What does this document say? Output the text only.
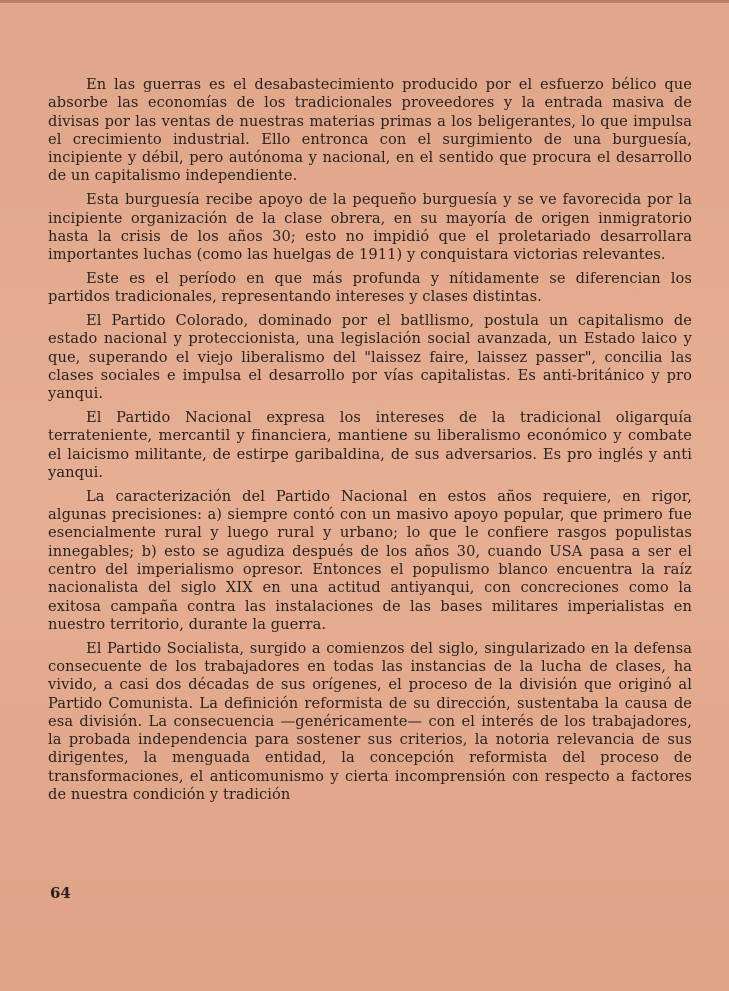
En las guerras es el desabastecimiento producido por el esfuerzo bélico que absorbe las economías de los tradicionales proveedores y la entrada masiva de divisas por las ventas de nuestras materias primas a los beligerantes, lo que impulsa el crecimiento industrial. Ello entronca con el surgimiento de una burguesía, incipiente y débil, pero autónoma y nacional, en el sentido que procura el desarrollo de un capitalismo independiente.

Esta burguesía recibe apoyo de la pequeño burguesía y se ve favorecida por la incipiente organización de la clase obrera, en su mayoría de origen inmigratorio hasta la crisis de los años 30; esto no impidió que el proletariado desarrollara importantes luchas (como las huelgas de 1911) y conquistara victorias relevantes.

Este es el período en que más profunda y nítidamente se diferencian los partidos tradicionales, representando intereses y clases distintas.

El Partido Colorado, dominado por el batllismo, postula un capitalismo de estado nacional y proteccionista, una legislación social avanzada, un Estado laico y que, superando el viejo liberalismo del "laissez faire, laissez passer", concilia las clases sociales e impulsa el desarrollo por vías capitalistas. Es anti-británico y pro yanqui.

El Partido Nacional expresa los intereses de la tradicional oligarquía terrateniente, mercantil y financiera, mantiene su liberalismo económico y combate el laicismo militante, de estirpe garibaldina, de sus adversarios. Es pro inglés y anti yanqui.

La caracterización del Partido Nacional en estos años requiere, en rigor, algunas precisiones: a) siempre contó con un masivo apoyo popular, que primero fue esencialmente rural y luego rural y urbano; lo que le confiere rasgos populistas innegables; b) esto se agudiza después de los años 30, cuando USA pasa a ser el centro del imperialismo opresor. Entonces el populismo blanco encuentra la raíz nacionalista del siglo XIX en una actitud antiyanqui, con concreciones como la exitosa campaña contra las instalaciones de las bases militares imperialistas en nuestro territorio, durante la guerra.

El Partido Socialista, surgido a comienzos del siglo, singularizado en la defensa consecuente de los trabajadores en todas las instancias de la lucha de clases, ha vivido, a casi dos décadas de sus orígenes, el proceso de la división que originó al Partido Comunista. La definición reformista de su dirección, sustentaba la causa de esa división. La consecuencia —genéricamente— con el interés de los trabajadores, la probada independencia para sostener sus criterios, la notoria relevancia de sus dirigentes, la menguada entidad, la concepción reformista del proceso de transformaciones, el anticomunismo y cierta incomprensión con respecto a factores de nuestra condición y tradición

64
